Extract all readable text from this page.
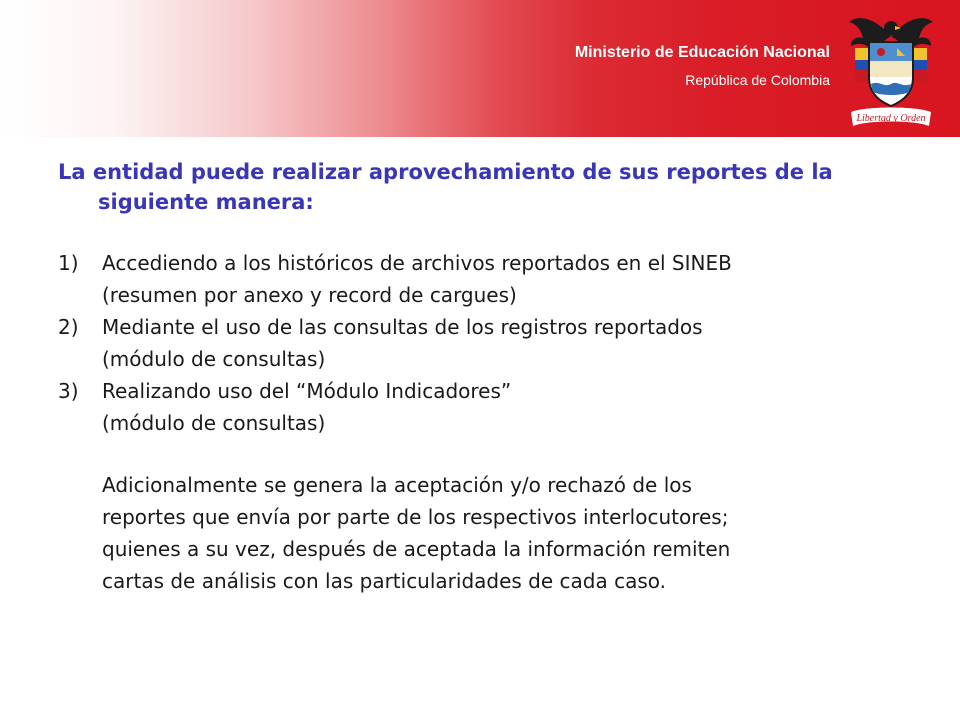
Ministerio de Educación Nacional

República de Colombia

Libertad y Orden

La entidad puede realizar aprovechamiento de sus reportes de la siguiente manera:

1) Accediendo a los históricos de archivos reportados en el SINEB
(resumen por anexo y record de cargues)
2) Mediante el uso de las consultas de los registros reportados
(módulo de consultas)
3) Realizando uso del “Módulo Indicadores”
(módulo de consultas)

Adicionalmente se genera la aceptación y/o rechazó de los
reportes que envía por parte de los respectivos interlocutores;
quienes a su vez, después de aceptada la información remiten
cartas de análisis con las particularidades de cada caso.
